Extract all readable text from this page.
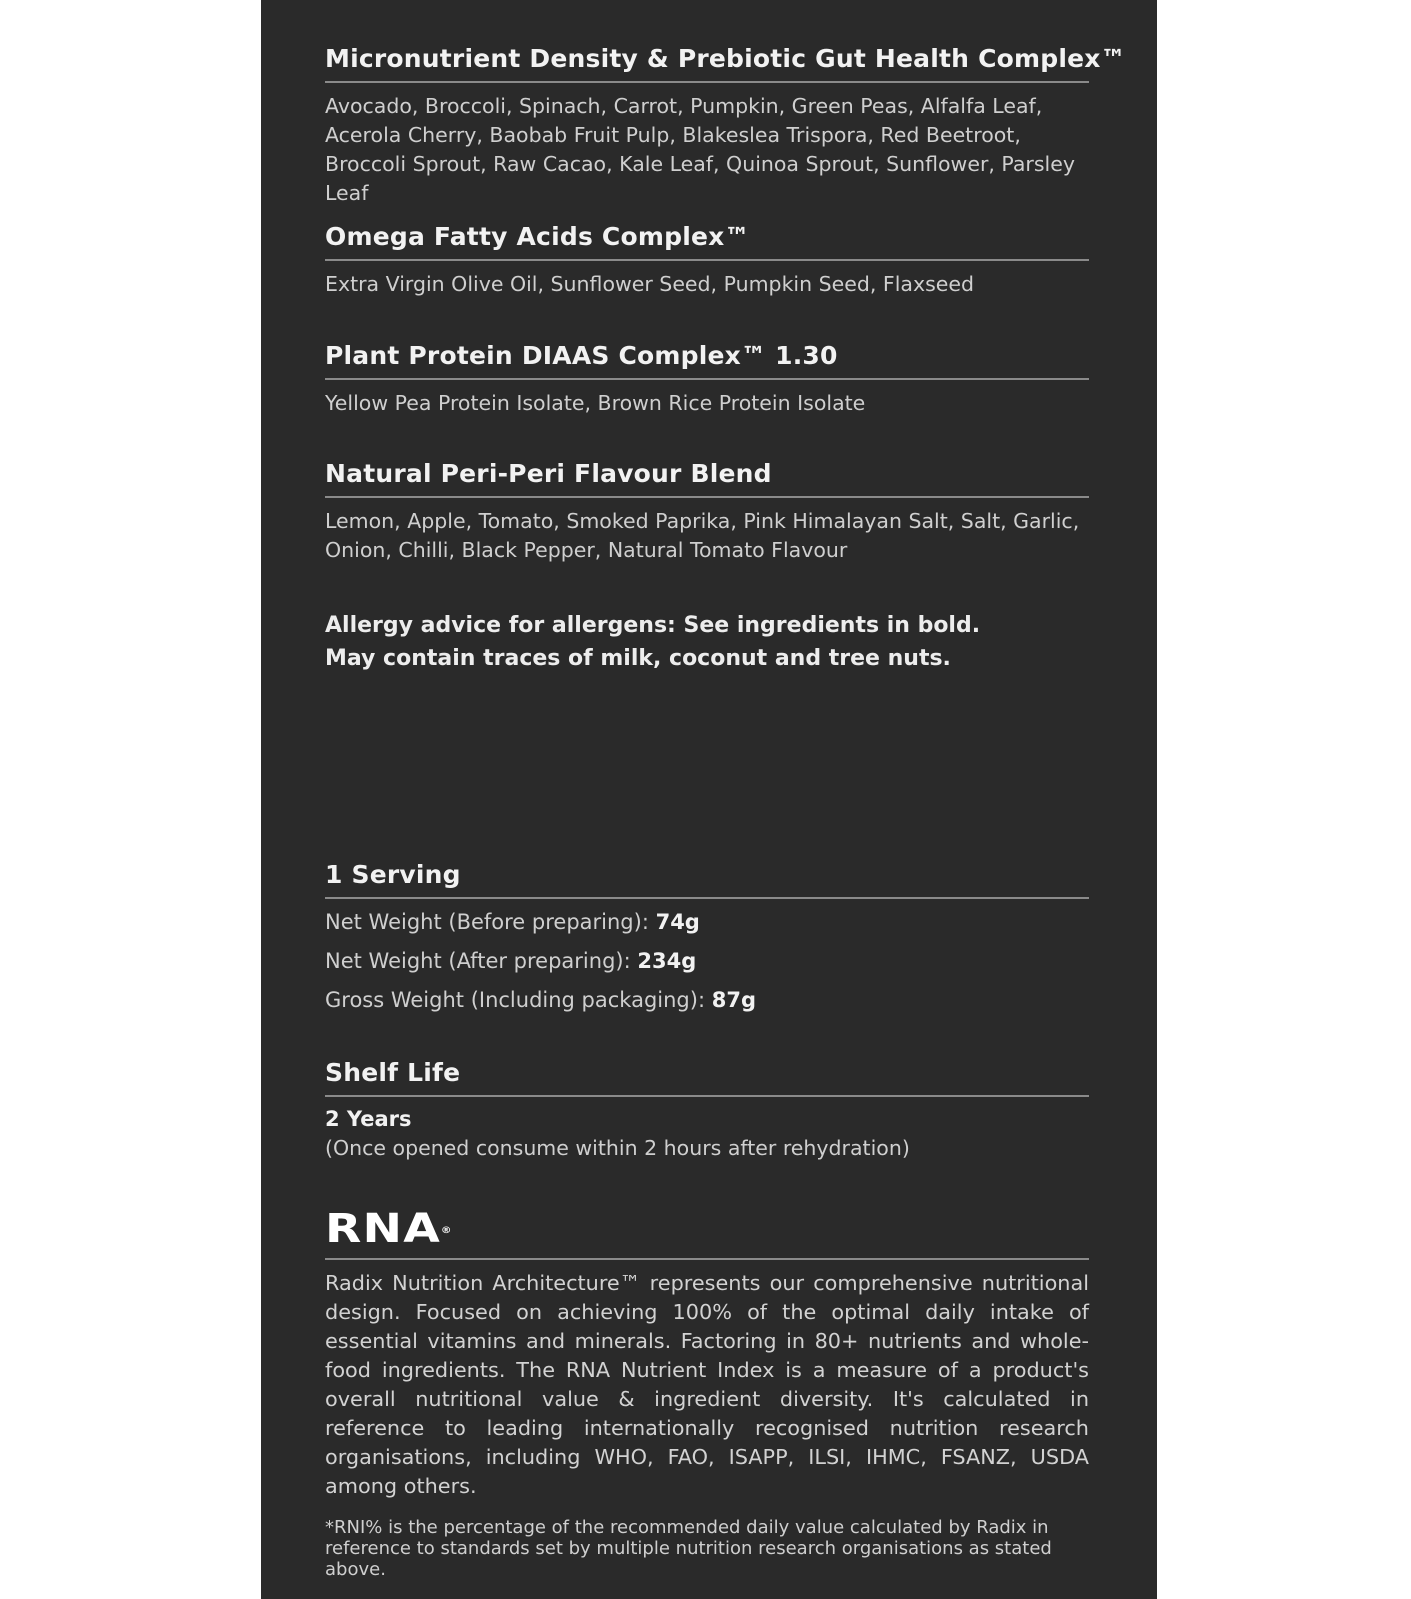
Micronutrient Density & Prebiotic Gut Health Complex™
Avocado, Broccoli, Spinach, Carrot, Pumpkin, Green Peas, Alfalfa Leaf, Acerola Cherry, Baobab Fruit Pulp, Blakeslea Trispora, Red Beetroot, Broccoli Sprout, Raw Cacao, Kale Leaf, Quinoa Sprout, Sunflower, Parsley Leaf
Omega Fatty Acids Complex™
Extra Virgin Olive Oil, Sunflower Seed, Pumpkin Seed, Flaxseed
Plant Protein DIAAS Complex™ 1.30
Yellow Pea Protein Isolate, Brown Rice Protein Isolate
Natural Peri-Peri Flavour Blend
Lemon, Apple, Tomato, Smoked Paprika, Pink Himalayan Salt, Salt, Garlic, Onion, Chilli, Black Pepper, Natural Tomato Flavour
Allergy advice for allergens: See ingredients in bold.
May contain traces of milk, coconut and tree nuts.
1 Serving
Net Weight (Before preparing): 74g
Net Weight (After preparing): 234g
Gross Weight (Including packaging): 87g
Shelf Life
2 Years
(Once opened consume within 2 hours after rehydration)
RNA®
Radix Nutrition Architecture™ represents our comprehensive nutritional design. Focused on achieving 100% of the optimal daily intake of essential vitamins and minerals. Factoring in 80+ nutrients and whole-food ingredients. The RNA Nutrient Index is a measure of a product's overall nutritional value & ingredient diversity. It's calculated in reference to leading internationally recognised nutrition research organisations, including WHO, FAO, ISAPP, ILSI, IHMC, FSANZ, USDA among others.
*RNI% is the percentage of the recommended daily value calculated by Radix in reference to standards set by multiple nutrition research organisations as stated above.
